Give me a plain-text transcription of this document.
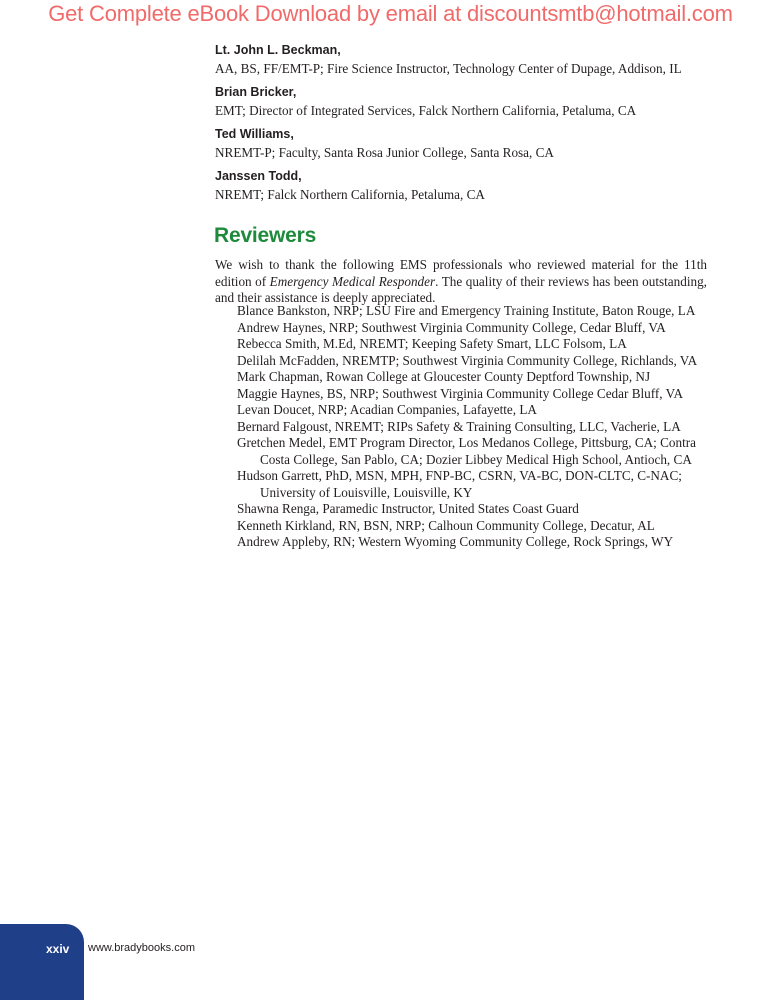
Get Complete eBook Download by email at discountsmtb@hotmail.com
Lt. John L. Beckman,
AA, BS, FF/EMT-P; Fire Science Instructor, Technology Center of Dupage, Addison, IL
Brian Bricker,
EMT; Director of Integrated Services, Falck Northern California, Petaluma, CA
Ted Williams,
NREMT-P; Faculty, Santa Rosa Junior College, Santa Rosa, CA
Janssen Todd,
NREMT; Falck Northern California, Petaluma, CA
Reviewers

We wish to thank the following EMS professionals who reviewed material for the 11th edition of Emergency Medical Responder. The quality of their reviews has been outstanding, and their assistance is deeply appreciated.

Blance Bankston, NRP; LSU Fire and Emergency Training Institute, Baton Rouge, LA
Andrew Haynes, NRP; Southwest Virginia Community College, Cedar Bluff, VA
Rebecca Smith, M.Ed, NREMT; Keeping Safety Smart, LLC Folsom, LA
Delilah McFadden, NREMTP; Southwest Virginia Community College, Richlands, VA
Mark Chapman, Rowan College at Gloucester County Deptford Township, NJ
Maggie Haynes, BS, NRP; Southwest Virginia Community College Cedar Bluff, VA
Levan Doucet, NRP; Acadian Companies, Lafayette, LA
Bernard Falgoust, NREMT; RIPs Safety & Training Consulting, LLC, Vacherie, LA
Gretchen Medel, EMT Program Director, Los Medanos College, Pittsburg, CA; Contra Costa College, San Pablo, CA; Dozier Libbey Medical High School, Antioch, CA
Hudson Garrett, PhD, MSN, MPH, FNP-BC, CSRN, VA-BC, DON-CLTC, C-NAC; University of Louisville, Louisville, KY
Shawna Renga, Paramedic Instructor, United States Coast Guard
Kenneth Kirkland, RN, BSN, NRP; Calhoun Community College, Decatur, AL
Andrew Appleby, RN; Western Wyoming Community College, Rock Springs, WY
xxiv www.bradybooks.com
